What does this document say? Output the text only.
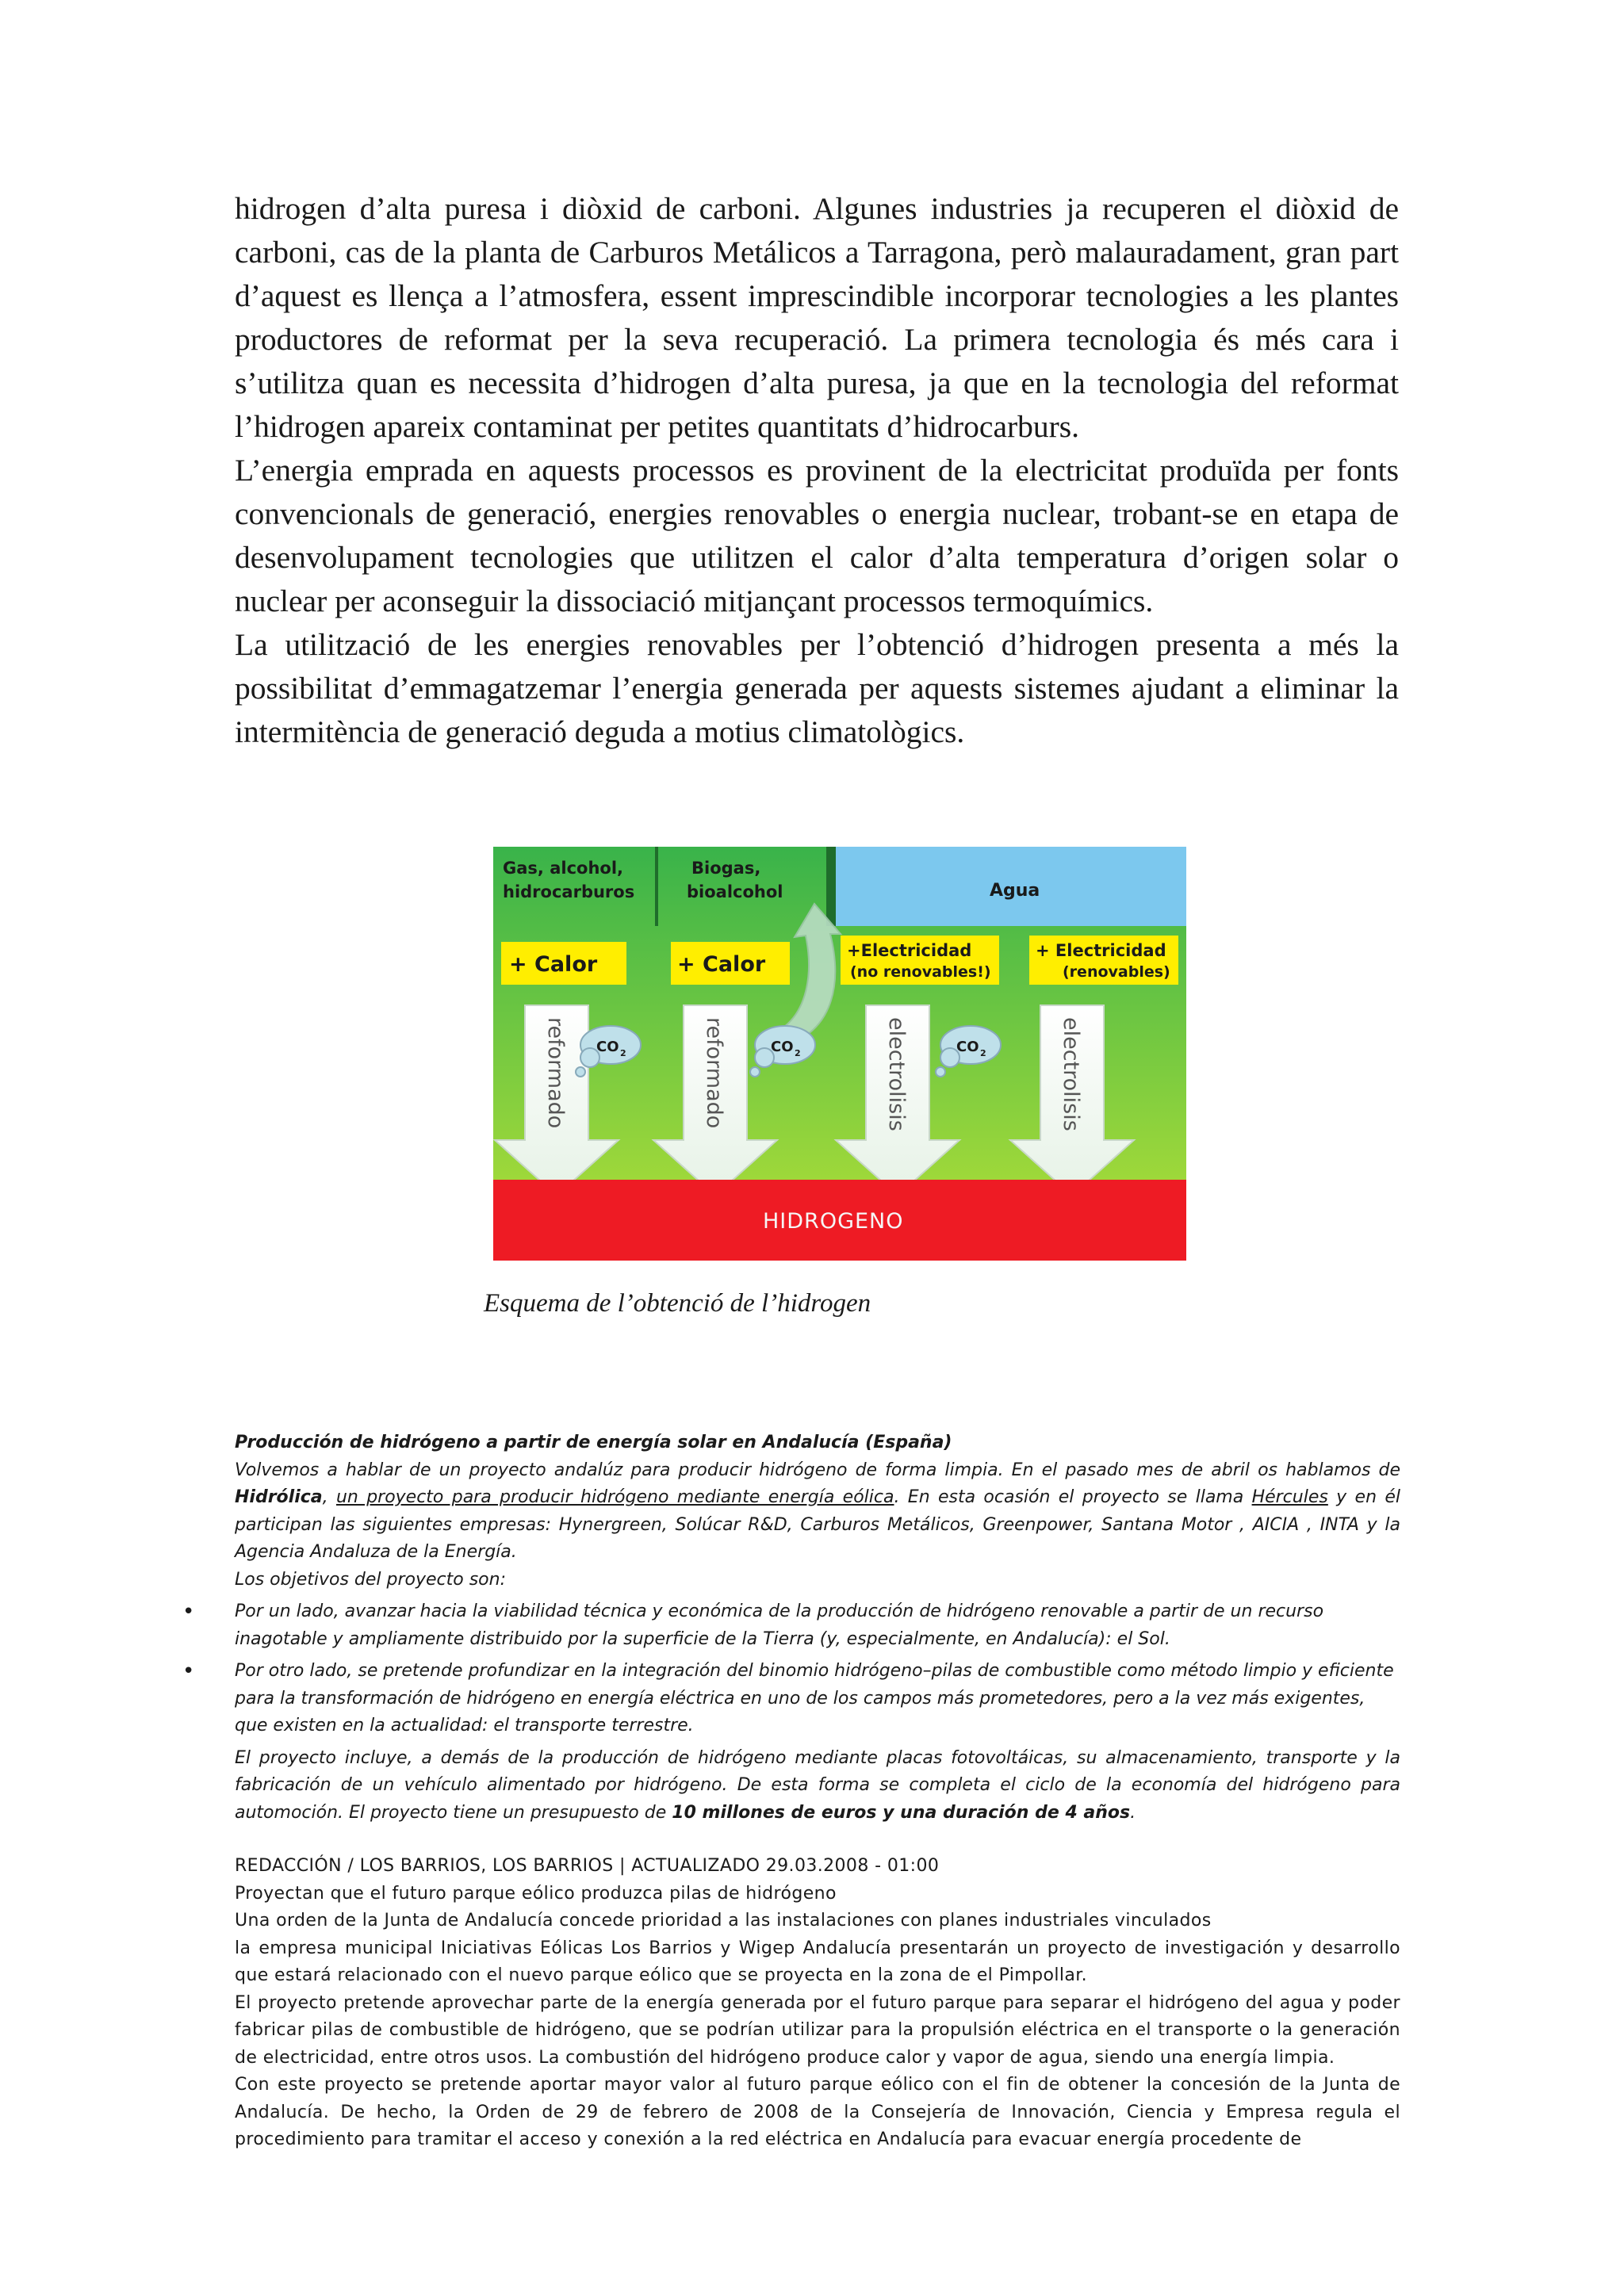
hidrogen d’alta puresa i diòxid de carboni. Algunes industries ja recuperen el diòxid de carboni, cas de la planta de Carburos Metálicos a Tarragona, però malauradament, gran part d’aquest es llença a l’atmosfera, essent imprescindible incorporar tecnologies a les plantes productores de reformat per la seva recuperació. La primera tecnologia és més cara i s’utilitza quan es necessita d’hidrogen d’alta puresa, ja que en la tecnologia del reformat l’hidrogen apareix contaminat per petites quantitats d’hidrocarburs.

L’energia emprada en aquests processos es provinent de la electricitat produïda per fonts convencionals de generació, energies renovables o energia nuclear, trobant-se en etapa de desenvolupament tecnologies que utilitzen el calor d’alta temperatura d’origen solar o nuclear per aconseguir la dissociació mitjançant processos termoquímics.

La utilització de les energies renovables per l’obtenció d’hidrogen presenta a més la possibilitat d’emmagatzemar l’energia generada per aquests sistemes ajudant a eliminar la intermitència de generació deguda a motius climatològics.

Gas, alcohol,
hidrocarburos
Biogas,
bioalcohol	Agua
+ Calor	+ Calor
+Electricidad
(no renovables!)
+ Electricidad
(renovables)
reformado	reformado	electrolisis	electrolisis
CO 2	CO 2	CO 2
HIDROGENO
Esquema de l’obtenció de l’hidrogen

Producción de hidrógeno a partir de energía solar en Andalucía (España)

Volvemos a hablar de un proyecto andalúz para producir hidrógeno de forma limpia. En el pasado mes de abril os hablamos de Hidrólica, un proyecto para producir hidrógeno mediante energía eólica. En esta ocasión el proyecto se llama Hércules y en él participan las siguientes empresas: Hynergreen, Solúcar R&D, Carburos Metálicos, Greenpower, Santana Motor , AICIA , INTA y la Agencia Andaluza de la Energía.

Los objetivos del proyecto son:

• Por un lado, avanzar hacia la viabilidad técnica y económica de la producción de hidrógeno renovable a partir de un recurso inagotable y ampliamente distribuido por la superficie de la Tierra (y, especialmente, en Andalucía): el Sol.
• Por otro lado, se pretende profundizar en la integración del binomio hidrógeno–pilas de combustible como método limpio y eficiente para la transformación de hidrógeno en energía eléctrica en uno de los campos más prometedores, pero a la vez más exigentes, que existen en la actualidad: el transporte terrestre.

El proyecto incluye, a demás de la producción de hidrógeno mediante placas fotovoltáicas, su almacenamiento, transporte y la fabricación de un vehículo alimentado por hidrógeno. De esta forma se completa el ciclo de la economía del hidrógeno para automoción. El proyecto tiene un presupuesto de 10 millones de euros y una duración de 4 años.

REDACCIÓN / LOS BARRIOS, LOS BARRIOS | ACTUALIZADO 29.03.2008 - 01:00

Proyectan que el futuro parque eólico produzca pilas de hidrógeno

Una orden de la Junta de Andalucía concede prioridad a las instalaciones con planes industriales vinculados

la empresa municipal Iniciativas Eólicas Los Barrios y Wigep Andalucía presentarán un proyecto de investigación y desarrollo que estará relacionado con el nuevo parque eólico que se proyecta en la zona de el Pimpollar.

El proyecto pretende aprovechar parte de la energía generada por el futuro parque para separar el hidrógeno del agua y poder fabricar pilas de combustible de hidrógeno, que se podrían utilizar para la propulsión eléctrica en el transporte o la generación de electricidad, entre otros usos. La combustión del hidrógeno produce calor y vapor de agua, siendo una energía limpia.

Con este proyecto se pretende aportar mayor valor al futuro parque eólico con el fin de obtener la concesión de la Junta de Andalucía. De hecho, la Orden de 29 de febrero de 2008 de la Consejería de Innovación, Ciencia y Empresa regula el procedimiento para tramitar el acceso y conexión a la red eléctrica en Andalucía para evacuar energía procedente de
